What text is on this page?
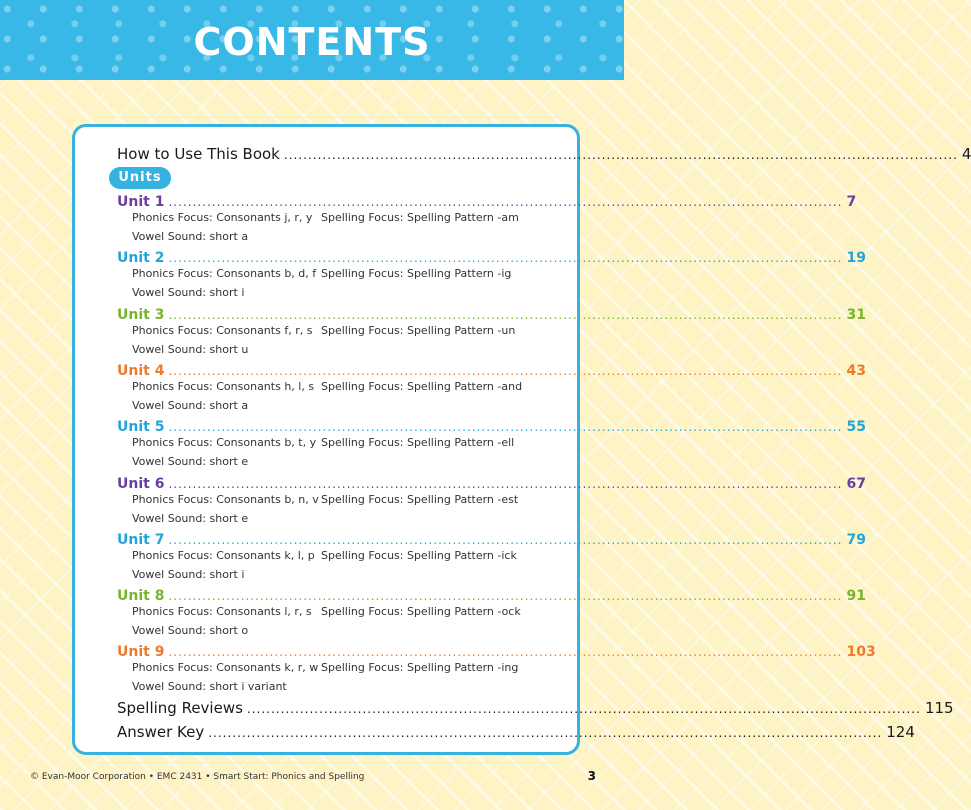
CONTENTS
How to Use This Book ............................................................................................................................................ 4
Units
Unit 1 ............................................................................................................................................ 7
Phonics Focus: Consonants j, r, y Spelling Focus: Spelling Pattern -am
Vowel Sound: short a
Unit 2 ............................................................................................................................................ 19
Phonics Focus: Consonants b, d, f Spelling Focus: Spelling Pattern -ig
Vowel Sound: short i
Unit 3 ............................................................................................................................................ 31
Phonics Focus: Consonants f, r, s Spelling Focus: Spelling Pattern -un
Vowel Sound: short u
Unit 4 ............................................................................................................................................ 43
Phonics Focus: Consonants h, l, s Spelling Focus: Spelling Pattern -and
Vowel Sound: short a
Unit 5 ............................................................................................................................................ 55
Phonics Focus: Consonants b, t, y Spelling Focus: Spelling Pattern -ell
Vowel Sound: short e
Unit 6 ............................................................................................................................................ 67
Phonics Focus: Consonants b, n, v Spelling Focus: Spelling Pattern -est
Vowel Sound: short e
Unit 7 ............................................................................................................................................ 79
Phonics Focus: Consonants k, l, p Spelling Focus: Spelling Pattern -ick
Vowel Sound: short i
Unit 8 ............................................................................................................................................ 91
Phonics Focus: Consonants l, r, s Spelling Focus: Spelling Pattern -ock
Vowel Sound: short o
Unit 9 ............................................................................................................................................ 103
Phonics Focus: Consonants k, r, w Spelling Focus: Spelling Pattern -ing
Vowel Sound: short i variant
Spelling Reviews ............................................................................................................................................ 115
Answer Key ............................................................................................................................................ 124
© Evan-Moor Corporation • EMC 2431 • Smart Start: Phonics and Spelling	3
